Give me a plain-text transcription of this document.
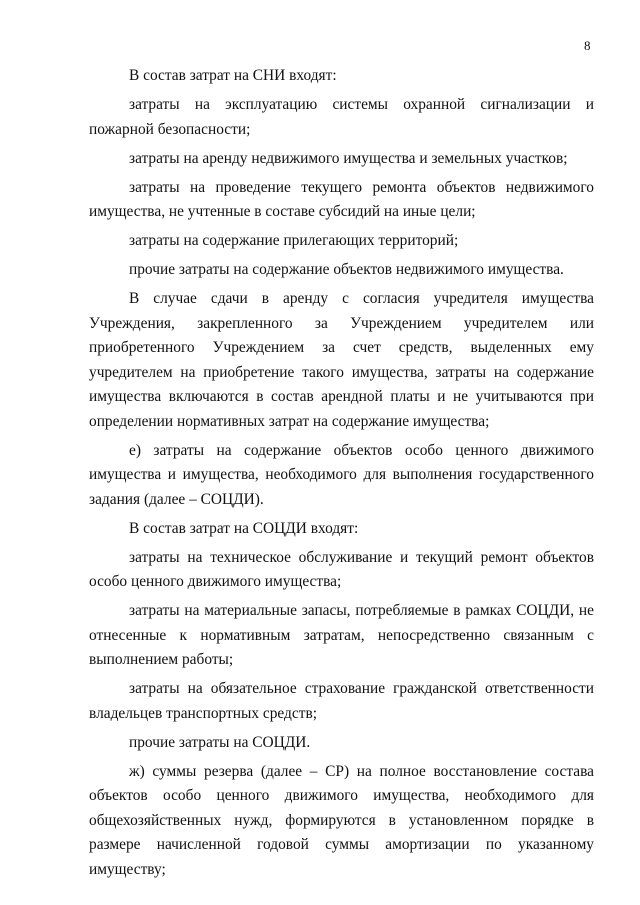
8

В состав затрат на СНИ входят:

затраты на эксплуатацию системы охранной сигнализации и пожарной безопасности;

затраты на аренду недвижимого имущества и земельных участков;

затраты на проведение текущего ремонта объектов недвижимого имущества, не учтенные в составе субсидий на иные цели;

затраты на содержание прилегающих территорий;

прочие затраты на содержание объектов недвижимого имущества.

В случае сдачи в аренду с согласия учредителя имущества Учреждения, закрепленного за Учреждением учредителем или приобретенного Учреждением за счет средств, выделенных ему учредителем на приобретение такого имущества, затраты на содержание имущества включаются в состав арендной платы и не учитываются при определении нормативных затрат на содержание имущества;

е) затраты на содержание объектов особо ценного движимого имущества и имущества, необходимого для выполнения государственного задания (далее – СОЦДИ).

В состав затрат на СОЦДИ входят:

затраты на техническое обслуживание и текущий ремонт объектов особо ценного движимого имущества;

затраты на материальные запасы, потребляемые в рамках СОЦДИ, не отнесенные к нормативным затратам, непосредственно связанным с выполнением работы;

затраты на обязательное страхование гражданской ответственности владельцев транспортных средств;

прочие затраты на СОЦДИ.

ж) суммы резерва (далее – СР) на полное восстановление состава объектов особо ценного движимого имущества, необходимого для общехозяйственных нужд, формируются в установленном порядке в размере начисленной годовой суммы амортизации по указанному имуществу;
